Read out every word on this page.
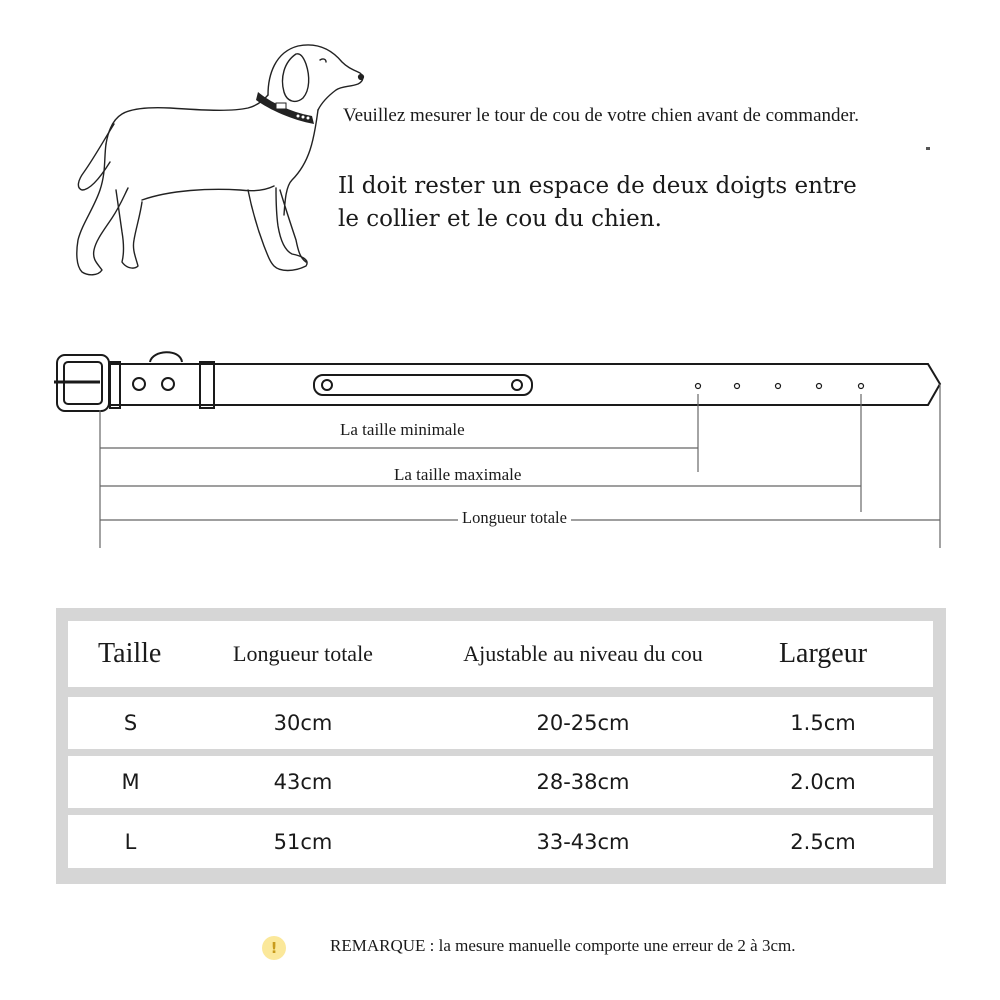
Veuillez mesurer le tour de cou de votre chien avant de commander.
Il doit rester un espace de deux doigts entre le collier et le cou du chien.
La taille minimale
La taille maximale
Longueur totale
Taille	Longueur totale	Ajustable au niveau du cou	Largeur
S	30cm	20-25cm	1.5cm
M	43cm	28-38cm	2.0cm
L	51cm	33-43cm	2.5cm
!	REMARQUE : la mesure manuelle comporte une erreur de 2 à 3cm.
